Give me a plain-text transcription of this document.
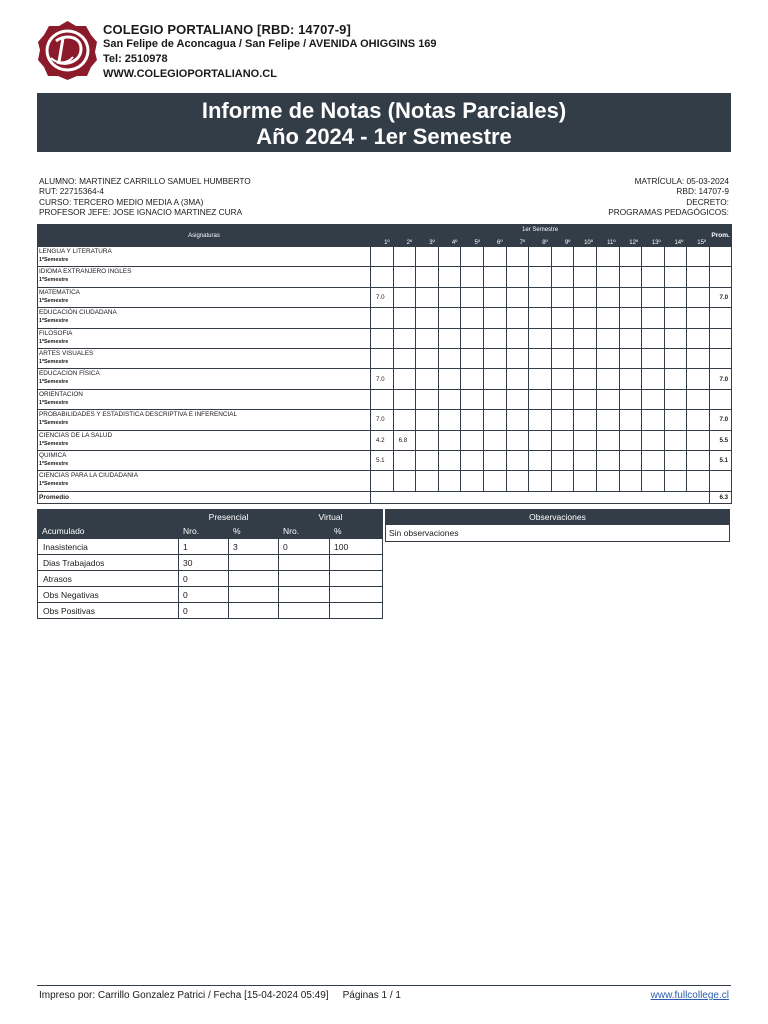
COLEGIO PORTALIANO [RBD: 14707-9]
San Felipe de Aconcagua / San Felipe / AVENIDA OHIGGINS 169
Tel: 2510978
WWW.COLEGIOPORTALIANO.CL
Informe de Notas (Notas Parciales)
Año 2024 - 1er Semestre
ALUMNO: MARTINEZ CARRILLO SAMUEL HUMBERTO
RUT: 22715364-4
CURSO: TERCERO MEDIO MEDIA A (3MA)
PROFESOR JEFE: JOSE IGNACIO MARTINEZ CURA
MATRÍCULA: 05-03-2024
RBD: 14707-9
DECRETO:
PROGRAMAS PEDAGÓGICOS:
Asignaturas	1er Semestre															Prom.
	1º	2º	3º	4º	5º	6º	7º	8º	9º	10º	11º	12º	13º	14º	15º	
LENGUA Y LITERATURA
1ºSemestre																

IDIOMA EXTRANJERO INGLES
1ºSemestre																

MATEMATICA
1ºSemestre	7.0															7.0
EDUCACIÓN CIUDADANA
1ºSemestre																

FILOSOFIA
1ºSemestre																

ARTES VISUALES
1ºSemestre																

EDUCACION FÍSICA
1ºSemestre	7.0															7.0
ORIENTACION
1ºSemestre																

PROBABILIDADES Y ESTADISTICA DESCRIPTIVA E INFERENCIAL
1ºSemestre	7.0															7.0
CIENCIAS DE LA SALUD
1ºSemestre	4.2	6.8														5.5
QUIMICA
1ºSemestre	5.1															5.1
CIENCIAS PARA LA CIUDADANIA
1ºSemestre																

Promedio																6.3
	Presencial		Virtual	
Acumulado	Nro.	%	Nro.	%
Inasistencia	1	3	0	100
Dias Trabajados	30			
Atrasos	0			
Obs Negativas	0			
Obs Positivas	0			
Observaciones
Sin observaciones
Impreso por: Carrillo Gonzalez Patrici / Fecha [15-04-2024 05:49] Páginas 1 / 1	www.fullcollege.cl
